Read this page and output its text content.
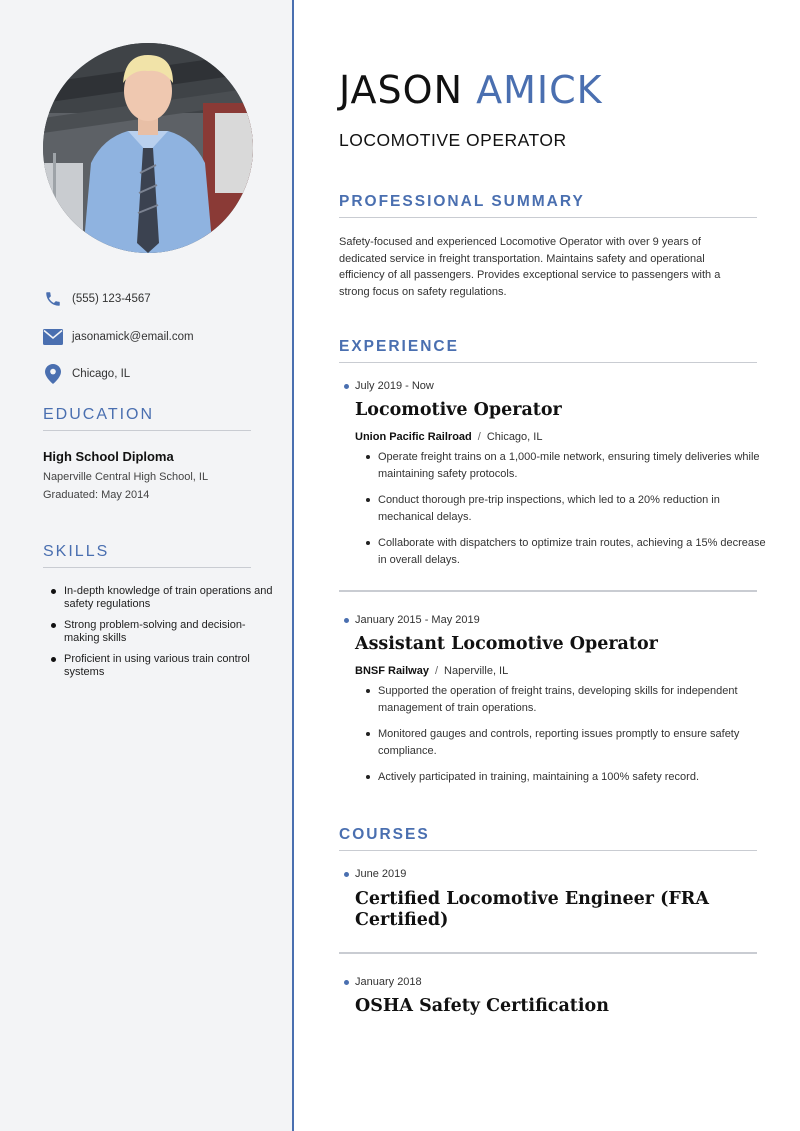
(555) 123-4567
jasonamick@email.com
Chicago, IL
EDUCATION
High School Diploma
Naperville Central High School, IL
Graduated: May 2014
SKILLS
In-depth knowledge of train operations and safety regulations
Strong problem-solving and decision-making skills
Proficient in using various train control systems
JASON AMICK
LOCOMOTIVE OPERATOR
PROFESSIONAL SUMMARY

Safety-focused and experienced Locomotive Operator with over 9 years of dedicated service in freight transportation. Maintains safety and operational efficiency of all passengers. Provides exceptional service to passengers with a strong focus on safety regulations.

EXPERIENCE
July 2019 - Now
Locomotive Operator
Union Pacific Railroad / Chicago, IL
Operate freight trains on a 1,000-mile network, ensuring timely deliveries while maintaining safety protocols.
Conduct thorough pre-trip inspections, which led to a 20% reduction in mechanical delays.
Collaborate with dispatchers to optimize train routes, achieving a 15% decrease in overall delays.
January 2015 - May 2019
Assistant Locomotive Operator
BNSF Railway / Naperville, IL
Supported the operation of freight trains, developing skills for independent management of train operations.
Monitored gauges and controls, reporting issues promptly to ensure safety compliance.
Actively participated in training, maintaining a 100% safety record.
COURSES
June 2019
Certified Locomotive Engineer (FRA Certified)
January 2018
OSHA Safety Certification
